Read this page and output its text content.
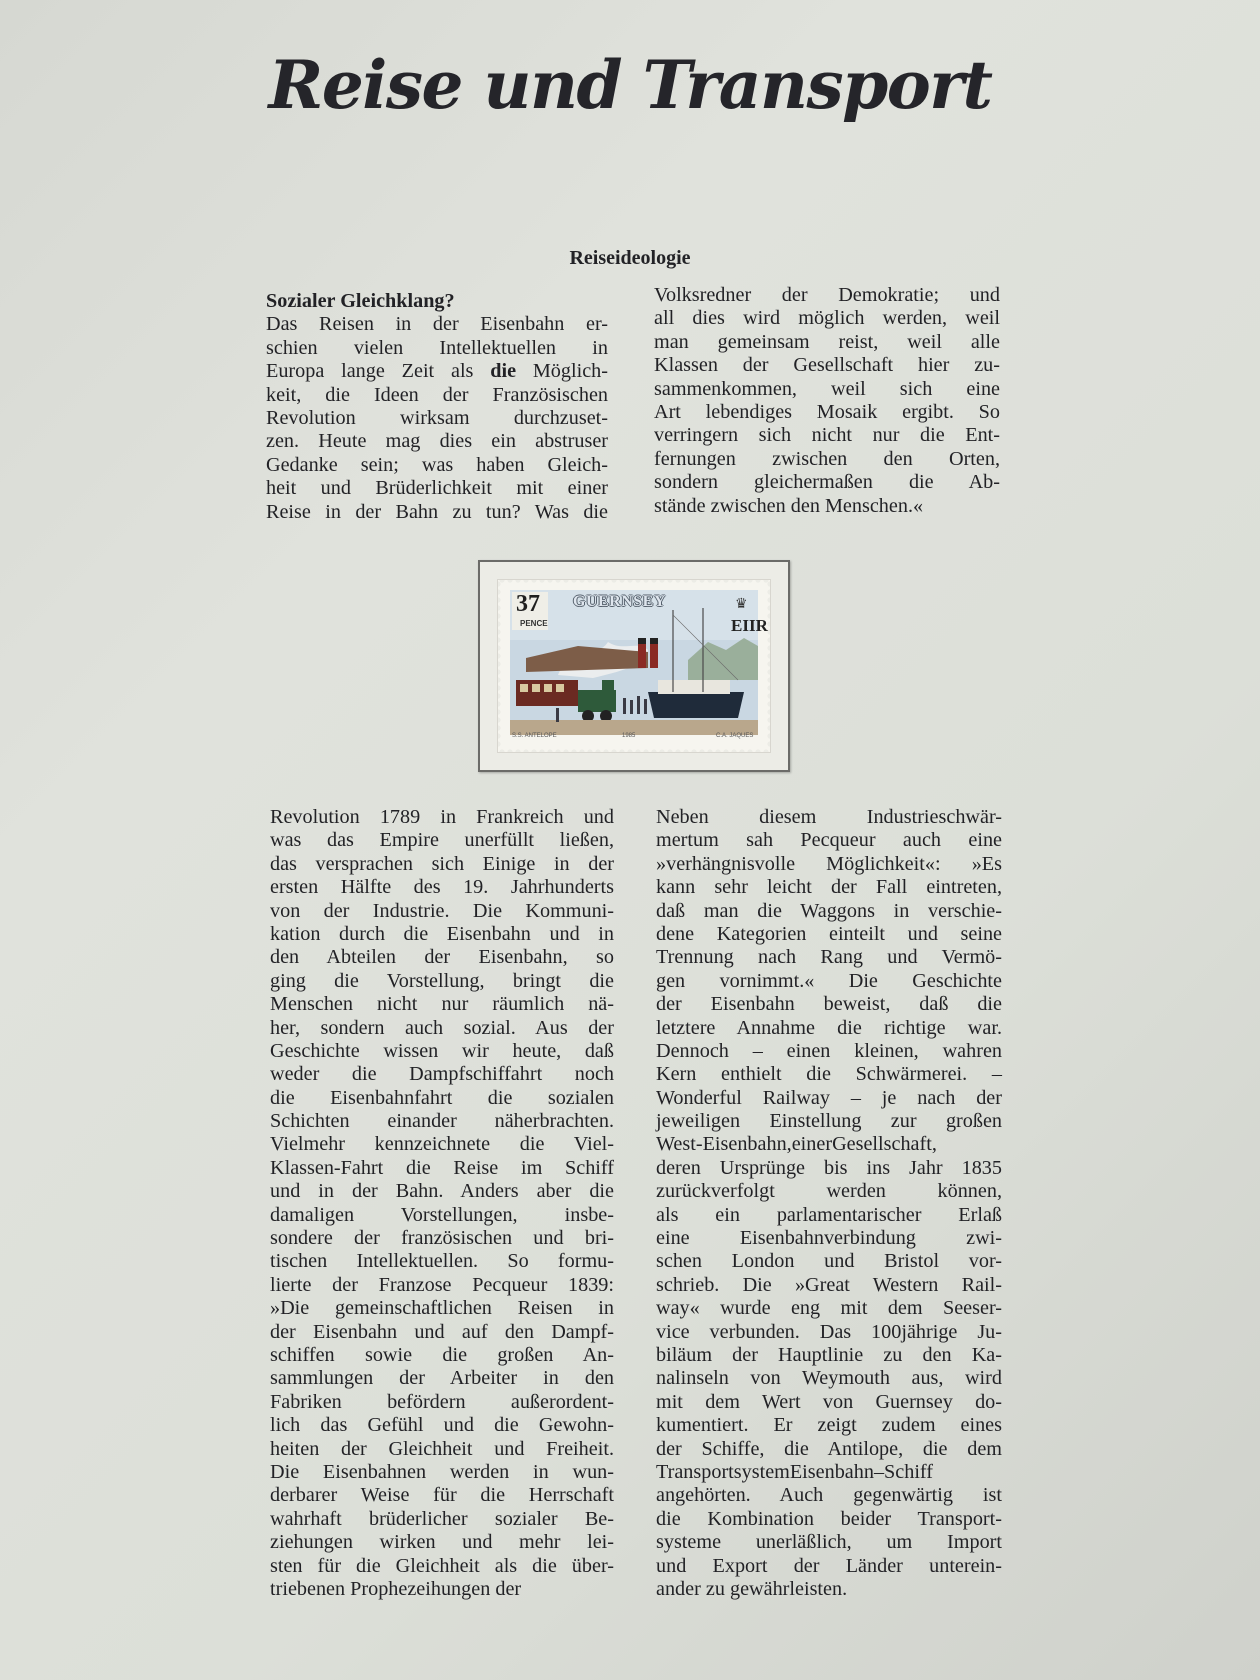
Reise und Transport
Reiseideologie
Sozialer Gleichklang?
Das Reisen in der Eisenbahn er-
schien vielen Intellektuellen in
Europa lange Zeit als die Möglich-
keit, die Ideen der Französischen
Revolution wirksam durchzuset-
zen. Heute mag dies ein abstruser
Gedanke sein; was haben Gleich-
heit und Brüderlichkeit mit einer
Reise in der Bahn zu tun? Was die
Volksredner der Demokratie; und
all dies wird möglich werden, weil
man gemeinsam reist, weil alle
Klassen der Gesellschaft hier zu-
sammenkommen, weil sich eine
Art lebendiges Mosaik ergibt. So
verringern sich nicht nur die Ent-
fernungen zwischen den Orten,
sondern gleichermaßen die Ab-
stände zwischen den Menschen.«
37
PENCE
GUERNSEY	♛
EIIR
S.S. ANTELOPE	1985	C.A. JAQUES
Revolution 1789 in Frankreich und
was das Empire unerfüllt ließen,
das versprachen sich Einige in der
ersten Hälfte des 19. Jahrhunderts
von der Industrie. Die Kommuni-
kation durch die Eisenbahn und in
den Abteilen der Eisenbahn, so
ging die Vorstellung, bringt die
Menschen nicht nur räumlich nä-
her, sondern auch sozial. Aus der
Geschichte wissen wir heute, daß
weder die Dampfschiffahrt noch
die Eisenbahnfahrt die sozialen
Schichten einander näherbrachten.
Vielmehr kennzeichnete die Viel-
Klassen-Fahrt die Reise im Schiff
und in der Bahn. Anders aber die
damaligen Vorstellungen, insbe-
sondere der französischen und bri-
tischen Intellektuellen. So formu-
lierte der Franzose Pecqueur 1839:
»Die gemeinschaftlichen Reisen in
der Eisenbahn und auf den Dampf-
schiffen sowie die großen An-
sammlungen der Arbeiter in den
Fabriken befördern außerordent-
lich das Gefühl und die Gewohn-
heiten der Gleichheit und Freiheit.
Die Eisenbahnen werden in wun-
derbarer Weise für die Herrschaft
wahrhaft brüderlicher sozialer Be-
ziehungen wirken und mehr lei-
sten für die Gleichheit als die über-
triebenen Prophezeihungen der
Neben diesem Industrieschwär-
mertum sah Pecqueur auch eine
»verhängnisvolle Möglichkeit«: »Es
kann sehr leicht der Fall eintreten,
daß man die Waggons in verschie-
dene Kategorien einteilt und seine
Trennung nach Rang und Vermö-
gen vornimmt.« Die Geschichte
der Eisenbahn beweist, daß die
letztere Annahme die richtige war.
Dennoch – einen kleinen, wahren
Kern enthielt die Schwärmerei. –
Wonderful Railway – je nach der
jeweiligen Einstellung zur großen
West-Eisenbahn,einerGesellschaft,
deren Ursprünge bis ins Jahr 1835
zurückverfolgt werden können,
als ein parlamentarischer Erlaß
eine Eisenbahnverbindung zwi-
schen London und Bristol vor-
schrieb. Die »Great Western Rail-
way« wurde eng mit dem Seeser-
vice verbunden. Das 100jährige Ju-
biläum der Hauptlinie zu den Ka-
nalinseln von Weymouth aus, wird
mit dem Wert von Guernsey do-
kumentiert. Er zeigt zudem eines
der Schiffe, die Antilope, die dem
TransportsystemEisenbahn–Schiff
angehörten. Auch gegenwärtig ist
die Kombination beider Transport-
systeme unerläßlich, um Import
und Export der Länder unterein-
ander zu gewährleisten.
